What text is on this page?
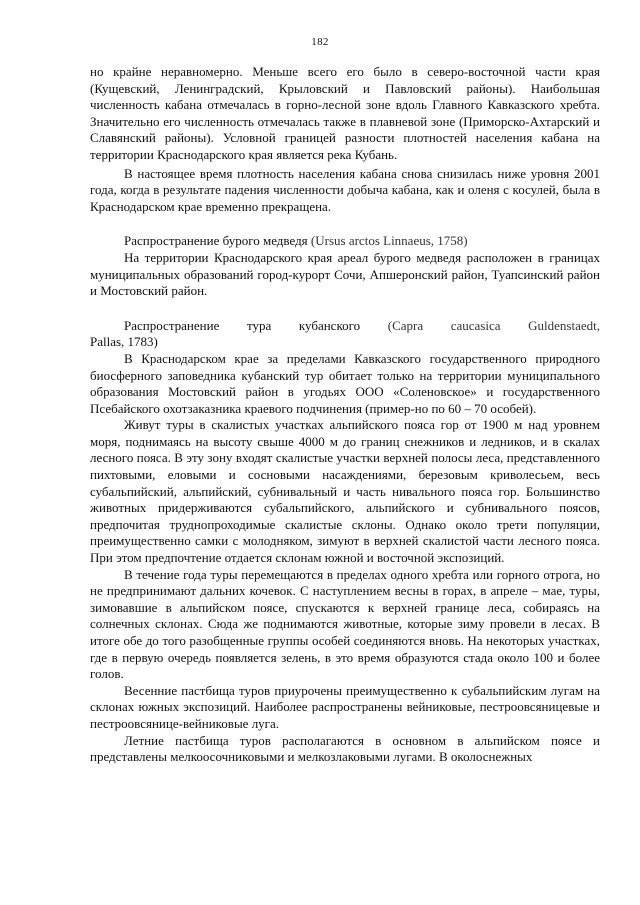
182

но крайне неравномерно. Меньше всего его было в северо-восточной части края (Кущевский, Ленинградский, Крыловский и Павловский районы). Наибольшая численность кабана отмечалась в горно-лесной зоне вдоль Главного Кавказского хребта. Значительно его численность отмечалась также в плавневой зоне (Приморско-Ахтарский и Славянский районы). Условной границей разности плотностей населения кабана на территории Краснодарского края является река Кубань.

В настоящее время плотность населения кабана снова снизилась ниже уровня 2001 года, когда в результате падения численности добыча кабана, как и оленя с косулей, была в Краснодарском крае временно прекращена.

Распространение бурого медведя (Ursus arctos Linnaeus, 1758)

На территории Краснодарского края ареал бурого медведя расположен в границах муниципальных образований город-курорт Сочи, Апшеронский район, Туапсинский район и Мостовский район.

Распространение тура кубанского (Capra caucasica Guldenstaedt,

Pallas, 1783)

В Краснодарском крае за пределами Кавказского государственного природного биосферного заповедника кубанский тур обитает только на территории муниципального образования Мостовский район в угодьях ООО «Соленовское» и государственного Псебайского охотзаказника краевого подчинения (пример-но по 60 – 70 особей).

Живут туры в скалистых участках альпийского пояса гор от 1900 м над уровнем моря, поднимаясь на высоту свыше 4000 м до границ снежников и ледников, и в скалах лесного пояса. В эту зону входят скалистые участки верхней полосы леса, представленного пихтовыми, еловыми и сосновыми насаждениями, березовым криволесьем, весь субальпийский, альпийский, субнивальный и часть нивального пояса гор. Большинство животных придерживаются субальпийского, альпийского и субнивального поясов, предпочитая труднопроходимые скалистые склоны. Однако около трети популяции, преимущественно самки с молодняком, зимуют в верхней скалистой части лесного пояса. При этом предпочтение отдается склонам южной и восточной экспозиций.

В течение года туры перемещаются в пределах одного хребта или горного отрога, но не предпринимают дальних кочевок. С наступлением весны в горах, в апреле – мае, туры, зимовавшие в альпийском поясе, спускаются к верхней границе леса, собираясь на солнечных склонах. Сюда же поднимаются животные, которые зиму провели в лесах. В итоге обе до того разобщенные группы особей соединяются вновь. На некоторых участках, где в первую очередь появляется зелень, в это время образуются стада около 100 и более голов.

Весенние пастбища туров приурочены преимущественно к субальпийским лугам на склонах южных экспозиций. Наиболее распространены вейниковые, пестроовсяницевые и пестроовсянице-вейниковые луга.

Летние пастбища туров располагаются в основном в альпийском поясе и представлены мелкоосочниковыми и мелкозлаковыми лугами. В околоснежных
